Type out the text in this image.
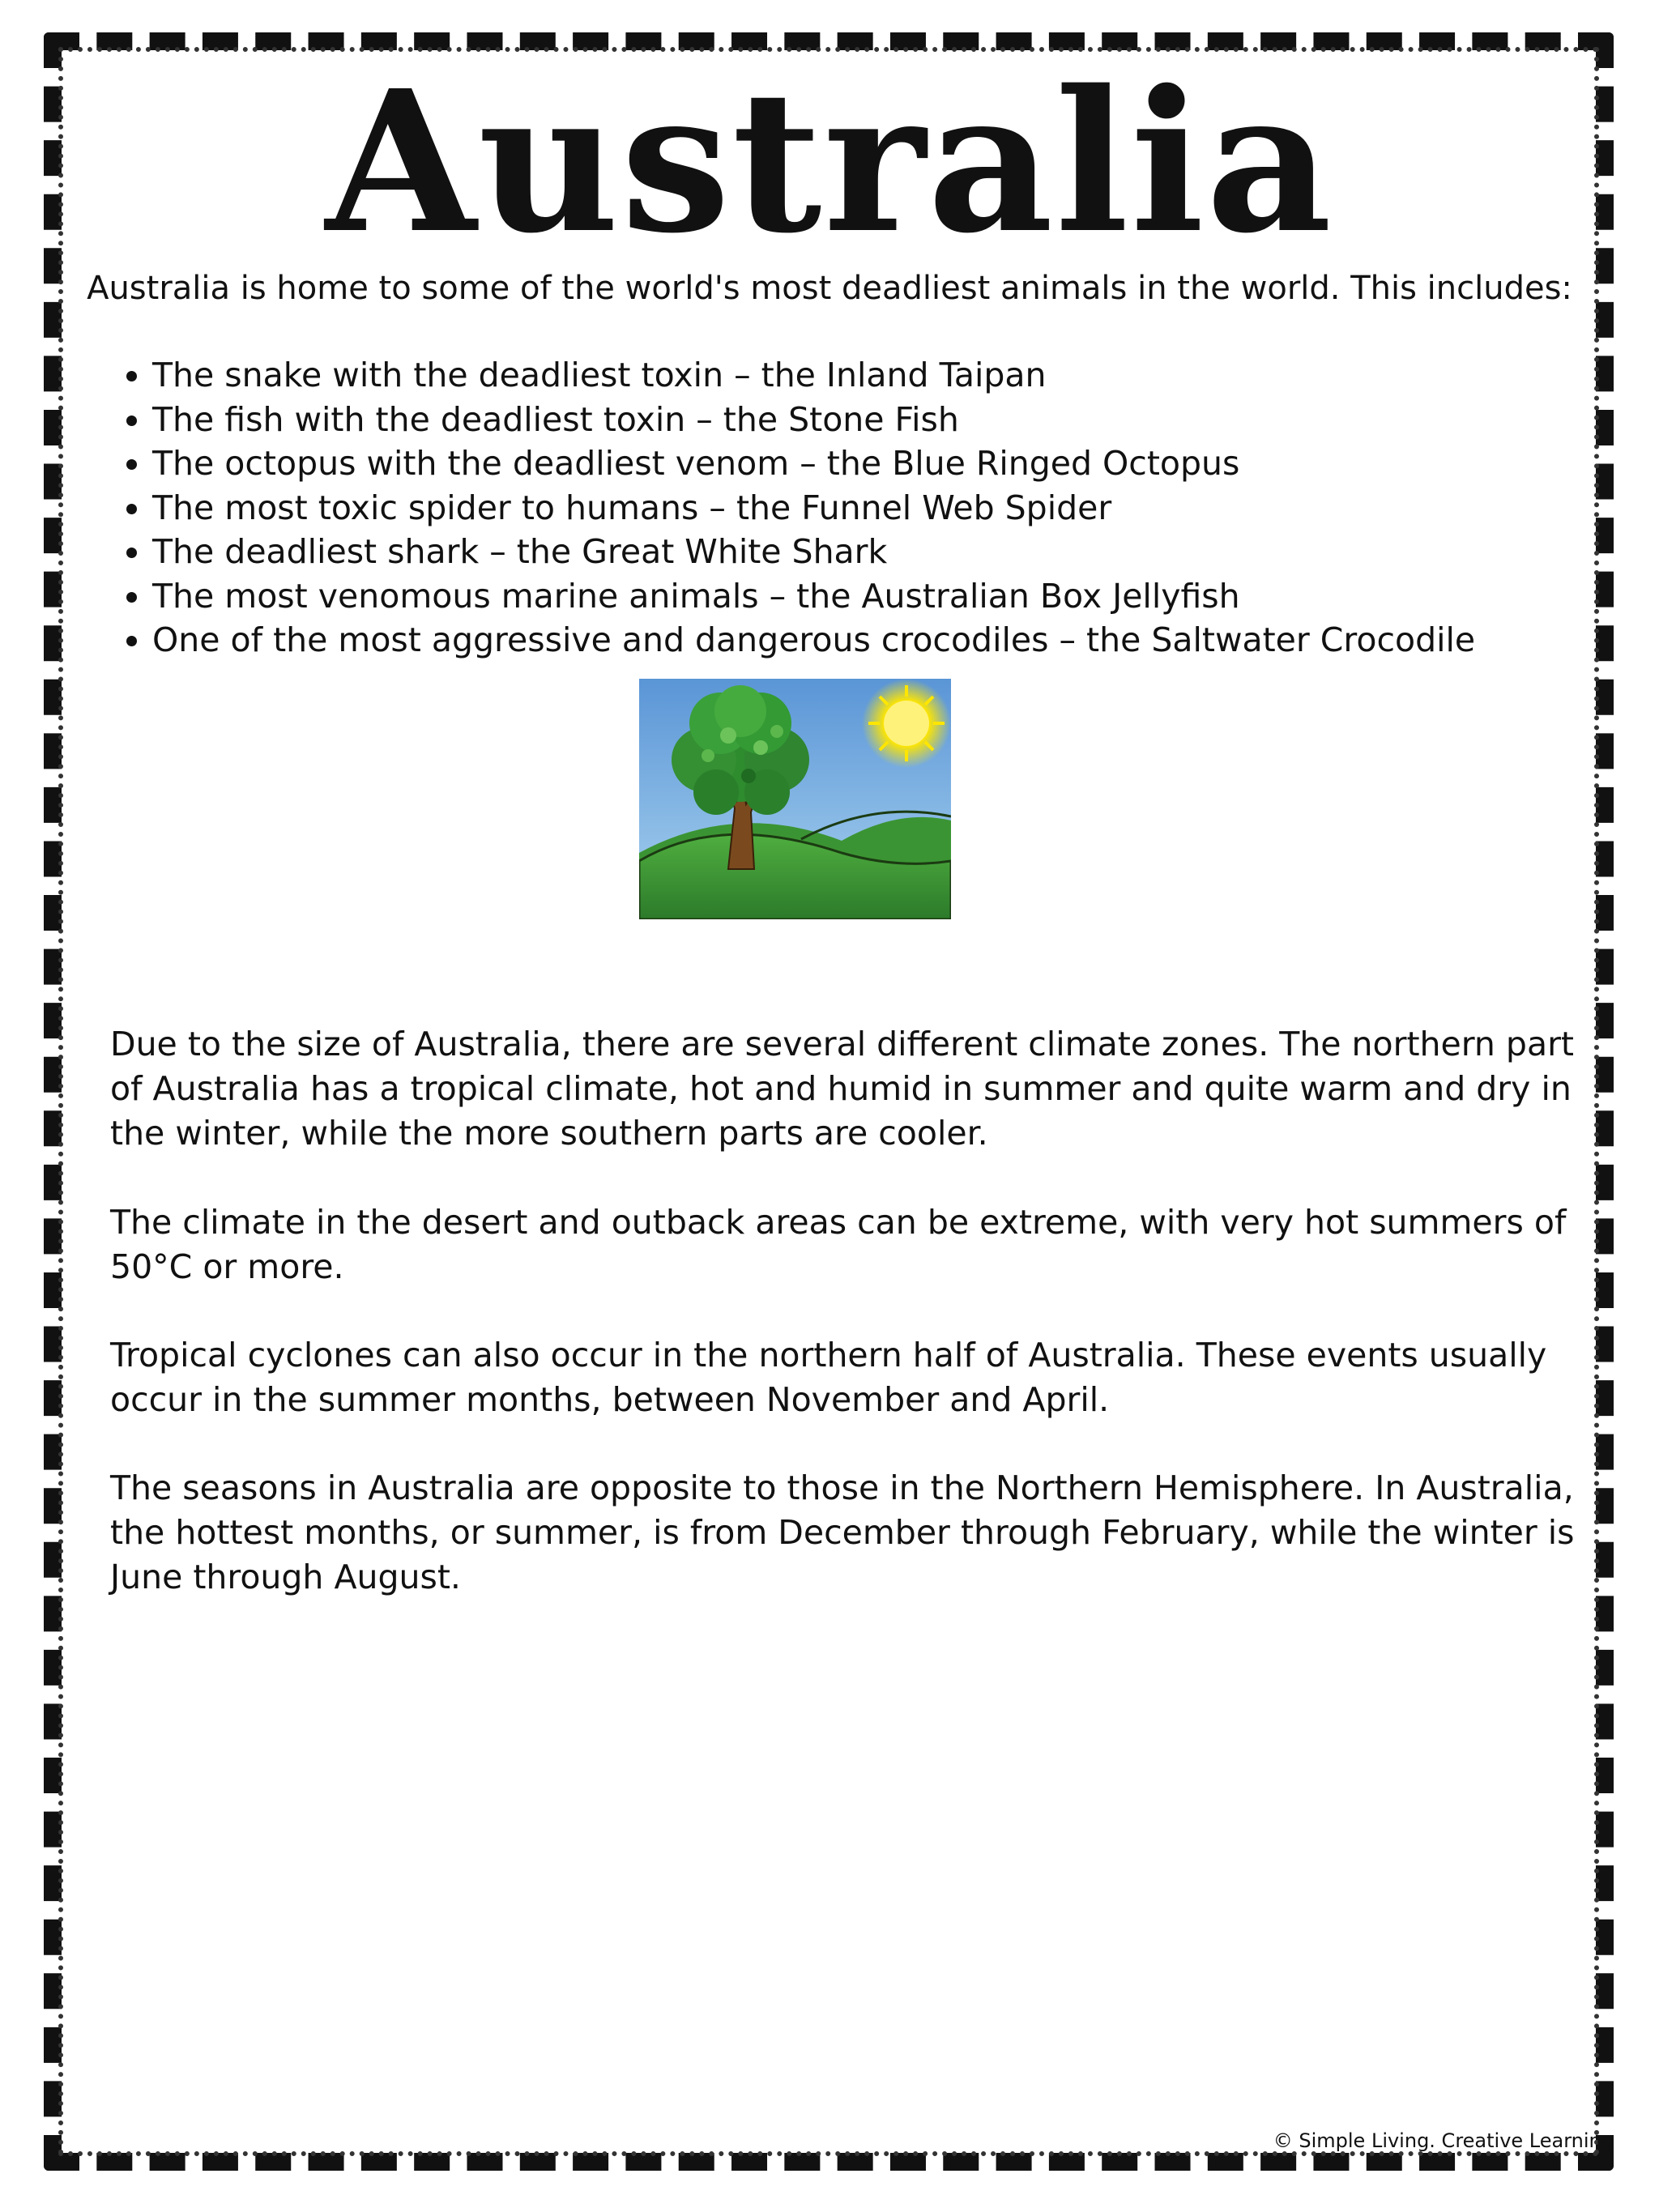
Australia

Australia is home to some of the world's most deadliest animals in the world. This includes:

• The snake with the deadliest toxin – the Inland Taipan
• The fish with the deadliest toxin – the Stone Fish
• The octopus with the deadliest venom – the Blue Ringed Octopus
• The most toxic spider to humans – the Funnel Web Spider
• The deadliest shark – the Great White Shark
• The most venomous marine animals – the Australian Box Jellyfish
• One of the most aggressive and dangerous crocodiles – the Saltwater Crocodile

Due to the size of Australia, there are several different climate zones. The northern part of Australia has a tropical climate, hot and humid in summer and quite warm and dry in the winter, while the more southern parts are cooler.

The climate in the desert and outback areas can be extreme, with very hot summers of 50°C or more.

Tropical cyclones can also occur in the northern half of Australia. These events usually occur in the summer months, between November and April.

The seasons in Australia are opposite to those in the Northern Hemisphere. In Australia, the hottest months, or summer, is from December through February, while the winter is June through August.

© Simple Living. Creative Learning
